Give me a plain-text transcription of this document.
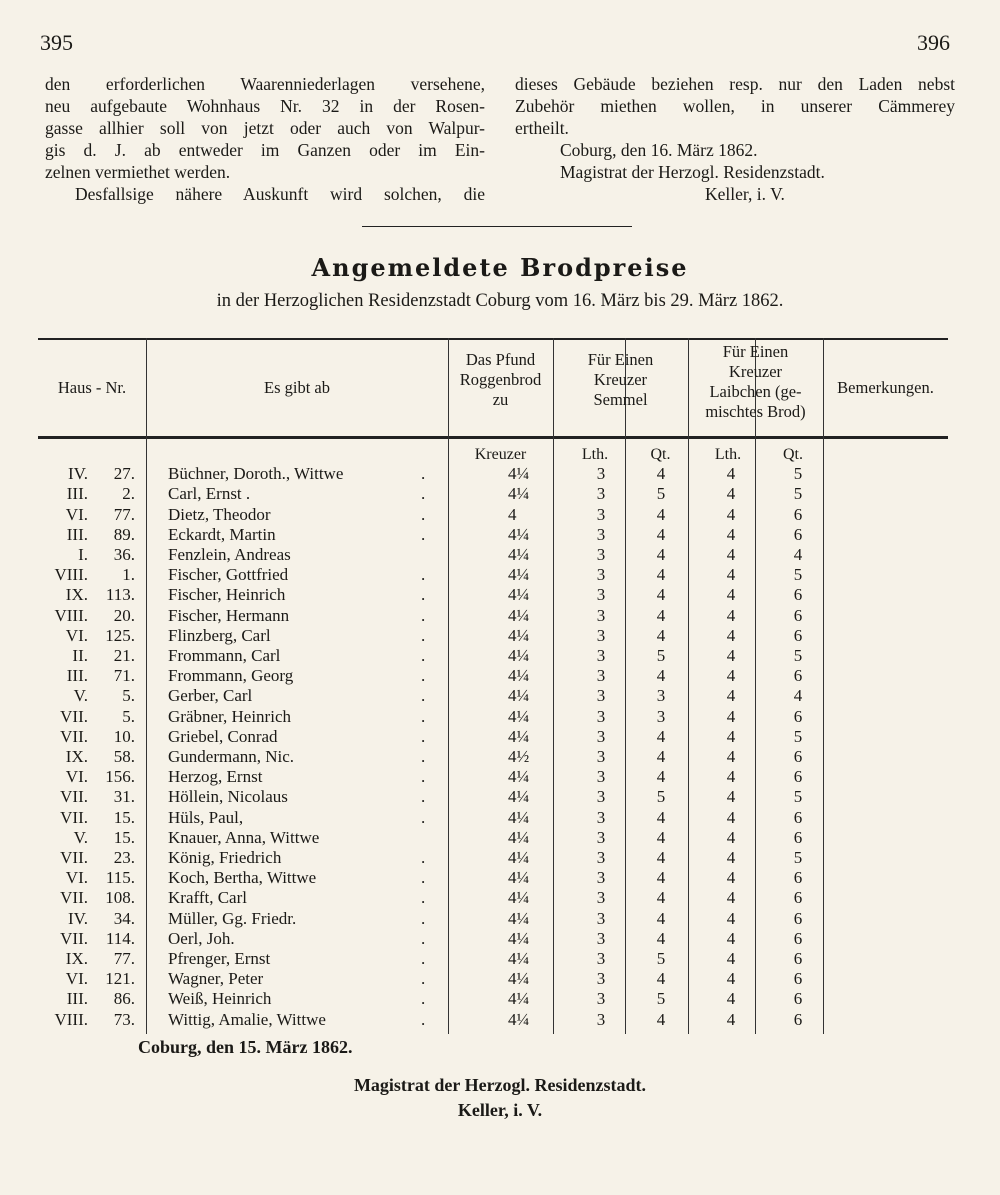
395	396
den erforderlichen Waarenniederlagen versehene,
neu aufgebaute Wohnhaus Nr. 32 in der Rosen-
gasse allhier soll von jetzt oder auch von Walpur-
gis d. J. ab entweder im Ganzen oder im Ein-
zelnen vermiethet werden.
Desfallsige nähere Auskunft wird solchen, die
dieses Gebäude beziehen resp. nur den Laden nebst
Zubehör miethen wollen, in unserer Cämmerey
ertheilt.
Coburg, den 16. März 1862.
Magistrat der Herzogl. Residenzstadt.
Keller, i. V.
Angemeldete Brodpreise
in der Herzoglichen Residenzstadt Coburg vom 16. März bis 29. März 1862.
Haus - Nr.	Es gibt ab
Das Pfund
Roggenbrod
zu
Für Einen
Kreuzer
Semmel
Für Einen
Kreuzer
Laibchen (ge-
mischtes Brod)
Bemerkungen.
Kreuzer	Lth.	Qt.	Lth.	Qt.
IV.	27. Büchner, Doroth., Wittwe	.	4¼	3	4	4	5
III.	2. Carl, Ernst .	.	4¼	3	5	4	5
VI.	77. Dietz, Theodor	.	4	3	4	4	6
III.	89. Eckardt, Martin	.	4¼	3	4	4	6
I.	36. Fenzlein, Andreas	4¼	3	4	4	4
VIII.	1. Fischer, Gottfried	.	4¼	3	4	4	5
IX.	113. Fischer, Heinrich	.	4¼	3	4	4	6
VIII.	20. Fischer, Hermann	.	4¼	3	4	4	6
VI.	125. Flinzberg, Carl	.	4¼	3	4	4	6
II.	21. Frommann, Carl	.	4¼	3	5	4	5
III.	71. Frommann, Georg	.	4¼	3	4	4	6
V.	5. Gerber, Carl	.	4¼	3	3	4	4
VII.	5. Gräbner, Heinrich	.	4¼	3	3	4	6
VII.	10. Griebel, Conrad	.	4¼	3	4	4	5
IX.	58. Gundermann, Nic.	.	4½	3	4	4	6
VI.	156. Herzog, Ernst	.	4¼	3	4	4	6
VII.	31. Höllein, Nicolaus	.	4¼	3	5	4	5
VII.	15. Hüls, Paul,	.	4¼	3	4	4	6
V.	15. Knauer, Anna, Wittwe	4¼	3	4	4	6
VII.	23. König, Friedrich	.	4¼	3	4	4	5
VI.	115. Koch, Bertha, Wittwe	.	4¼	3	4	4	6
VII.	108. Krafft, Carl	.	4¼	3	4	4	6
IV.	34. Müller, Gg. Friedr.	.	4¼	3	4	4	6
VII.	114. Oerl, Joh.	.	4¼	3	4	4	6
IX.	77. Pfrenger, Ernst	.	4¼	3	5	4	6
VI.	121. Wagner, Peter	.	4¼	3	4	4	6
III.	86. Weiß, Heinrich	.	4¼	3	5	4	6
VIII.	73. Wittig, Amalie, Wittwe	.	4¼	3	4	4	6
Coburg, den 15. März 1862.
Magistrat der Herzogl. Residenzstadt.
Keller, i. V.
